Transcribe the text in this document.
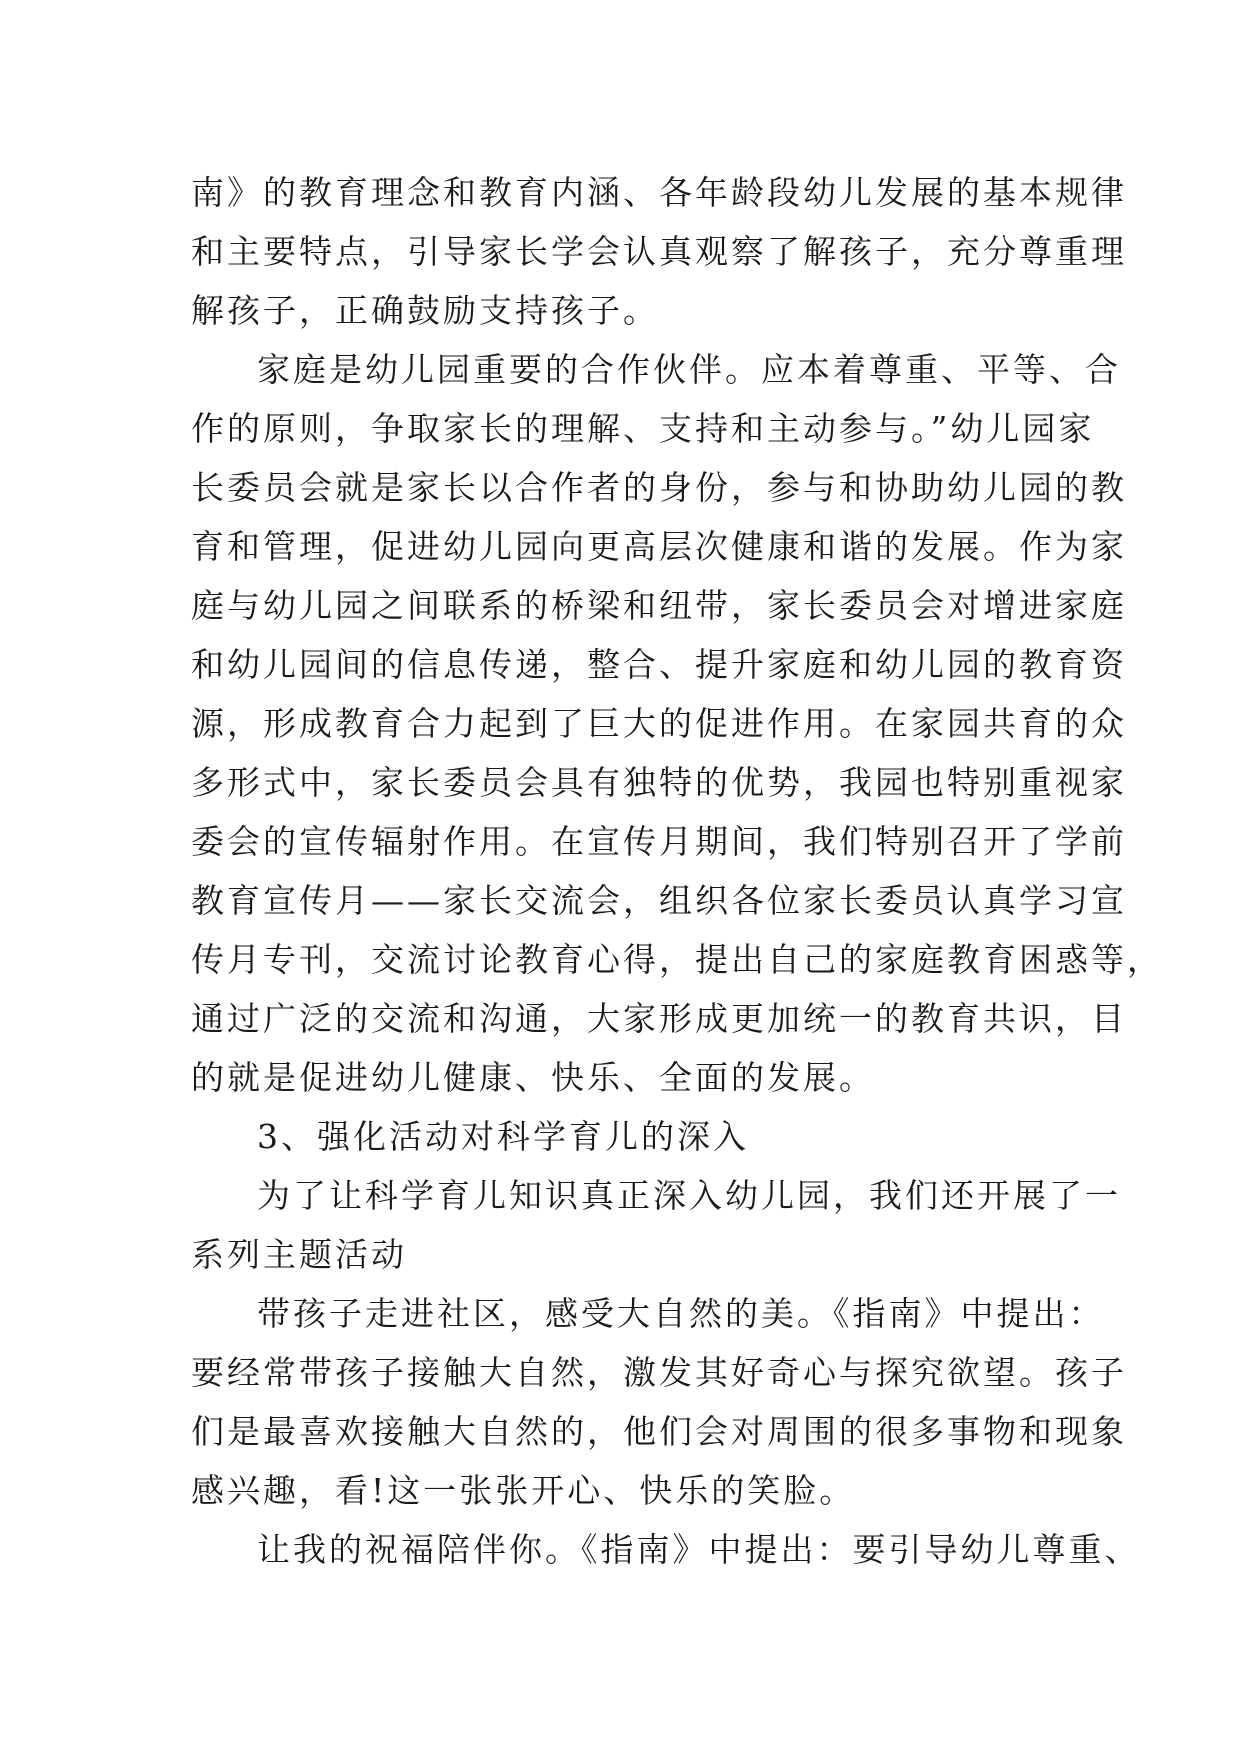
南》的教育理念和教育内涵、各年龄段幼儿发展的基本规律
和主要特点，引导家长学会认真观察了解孩子，充分尊重理
解孩子，正确鼓励支持孩子。
家庭是幼儿园重要的合作伙伴。应本着尊重、平等、合
作的原则，争取家长的理解、支持和主动参与。”幼儿园家
长委员会就是家长以合作者的身份，参与和协助幼儿园的教
育和管理，促进幼儿园向更高层次健康和谐的发展。作为家
庭与幼儿园之间联系的桥梁和纽带，家长委员会对增进家庭
和幼儿园间的信息传递，整合、提升家庭和幼儿园的教育资
源，形成教育合力起到了巨大的促进作用。在家园共育的众
多形式中，家长委员会具有独特的优势，我园也特别重视家
委会的宣传辐射作用。在宣传月期间，我们特别召开了学前
教育宣传月——家长交流会，组织各位家长委员认真学习宣
传月专刊，交流讨论教育心得，提出自己的家庭教育困惑等，
通过广泛的交流和沟通，大家形成更加统一的教育共识，目
的就是促进幼儿健康、快乐、全面的发展。
3、强化活动对科学育儿的深入
为了让科学育儿知识真正深入幼儿园，我们还开展了一
系列主题活动
带孩子走进社区，感受大自然的美。《指南》中提出：
要经常带孩子接触大自然，激发其好奇心与探究欲望。孩子
们是最喜欢接触大自然的，他们会对周围的很多事物和现象
感兴趣，看!这一张张开心、快乐的笑脸。
让我的祝福陪伴你。《指南》中提出：要引导幼儿尊重、
